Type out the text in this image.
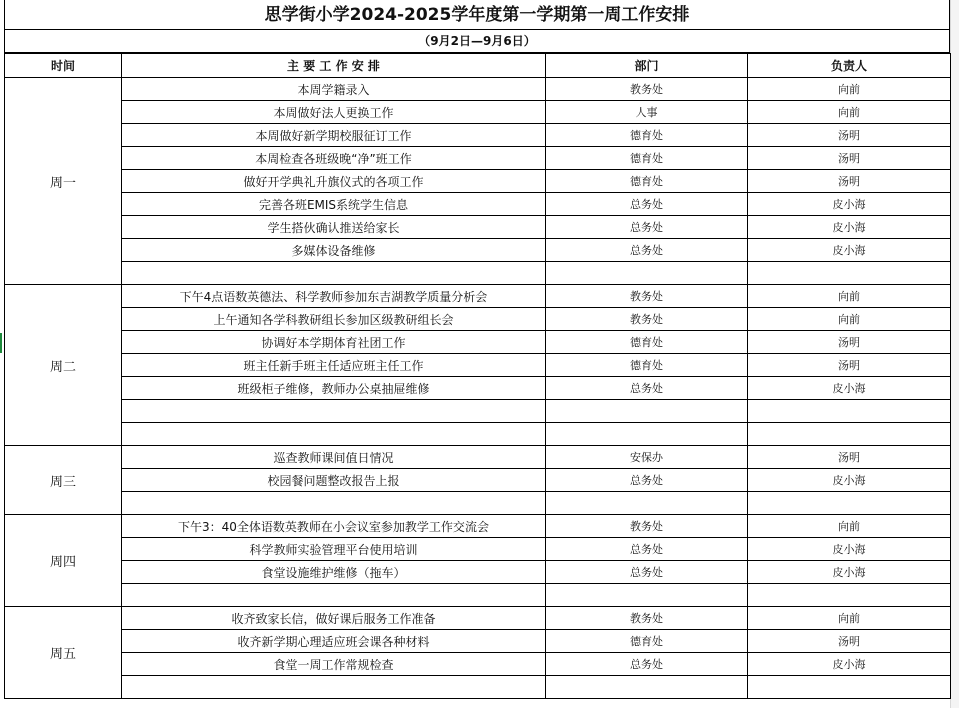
思学街小学2024-2025学年度第一学期第一周工作安排
（9月2日—9月6日）
时间	主 要 工 作 安 排	部门	负责人
周一	本周学籍录入	教务处	向前
	本周做好法人更换工作	人事	向前
	本周做好新学期校服征订工作	德育处	汤明
	本周检查各班级晚“净”班工作	德育处	汤明
	做好开学典礼升旗仪式的各项工作	德育处	汤明
	完善各班EMIS系统学生信息	总务处	皮小海
	学生搭伙确认推送给家长	总务处	皮小海
	多媒体设备维修	总务处	皮小海

周二	下午4点语数英德法、科学教师参加东吉湖教学质量分析会	教务处	向前
	上午通知各学科教研组长参加区级教研组长会	教务处	向前
	协调好本学期体育社团工作	德育处	汤明
	班主任新手班主任适应班主任工作	德育处	汤明
	班级柜子维修，教师办公桌抽屉维修	总务处	皮小海

周三	巡查教师课间值日情况	安保办	汤明
	校园餐问题整改报告上报	总务处	皮小海

周四	下午3：40全体语数英教师在小会议室参加教学工作交流会	教务处	向前
	科学教师实验管理平台使用培训	总务处	皮小海
	食堂设施维护维修（拖车）	总务处	皮小海

周五	收齐致家长信，做好课后服务工作准备	教务处	向前
	收齐新学期心理适应班会课各种材料	德育处	汤明
	食堂一周工作常规检查	总务处	皮小海
